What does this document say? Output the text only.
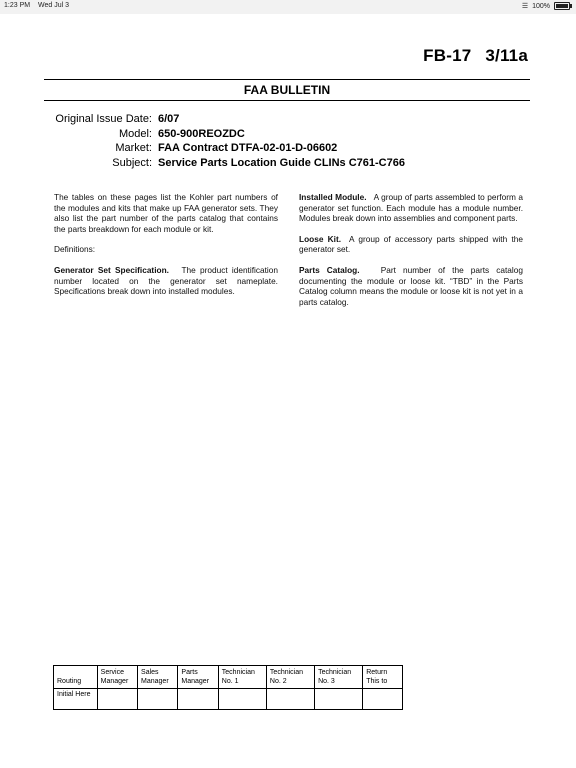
1:23 PM Wed Jul 3	☰ 100%
FB-17 3/11a
FAA BULLETIN
Original Issue Date: 6/07
Model: 650-900REOZDC
Market: FAA Contract DTFA-02-01-D-06602
Subject: Service Parts Location Guide CLINs C761-C766

The tables on these pages list the Kohler part numbers of the modules and kits that make up FAA generator sets. They also list the part number of the parts catalog that contains the parts breakdown for each module or kit.

Definitions:

Generator Set Specification. The product identification number located on the generator set nameplate. Specifications break down into installed modules.

Installed Module. A group of parts assembled to perform a generator set function. Each module has a module number. Modules break down into assemblies and component parts.

Loose Kit. A group of accessory parts shipped with the generator set.

Parts Catalog.	Part number of the parts catalog documenting the module or loose kit. “TBD” in the Parts Catalog column means the module or loose kit is not yet in a parts catalog.

Routing	Service Manager	Sales Manager	Parts Manager	Technician No. 1	Technician No. 2	Technician No. 3	Return This to
Initial Here							
